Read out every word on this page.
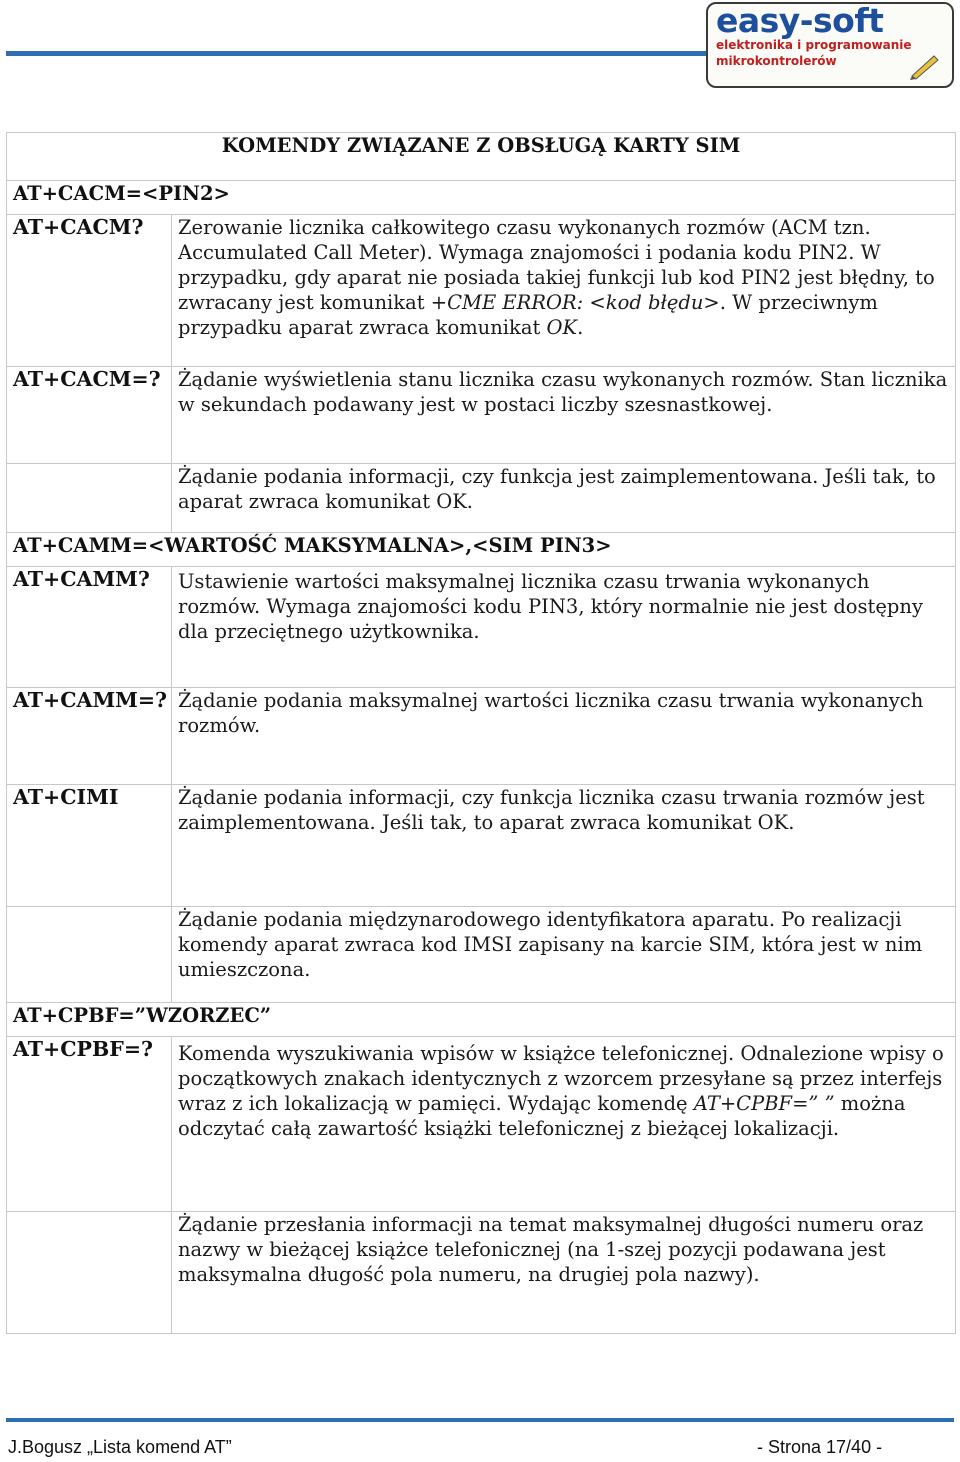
easy-soft
elektronika i programowanie
mikrokontrolerów
KOMENDY ZWIĄZANE Z OBSŁUGĄ KARTY SIM	
AT+CACM=<PIN2>	

AT+CACM?	Zerowanie licznika całkowitego czasu wykonanych rozmów (ACM tzn. Accumulated Call Meter). Wymaga znajomości i podania kodu PIN2. W przypadku, gdy aparat nie posiada takiej funkcji lub kod PIN2 jest błędny, to zwracany jest komunikat +CME ERROR: <kod błędu>. W przeciwnym przypadku aparat zwraca komunikat OK.

AT+CACM=?	Żądanie wyświetlenia stanu licznika czasu wykonanych rozmów. Stan licznika w sekundach podawany jest w postaci liczby szesnastkowej.

	Żądanie podania informacji, czy funkcja jest zaimplementowana. Jeśli tak, to aparat zwraca komunikat OK.

AT+CAMM=<WARTOŚĆ MAKSYMALNA>,<SIM PIN3>	

AT+CAMM?	Ustawienie wartości maksymalnej licznika czasu trwania wykonanych rozmów. Wymaga znajomości kodu PIN3, który normalnie nie jest dostępny dla przeciętnego użytkownika.

AT+CAMM=?	Żądanie podania maksymalnej wartości licznika czasu trwania wykonanych rozmów.

AT+CIMI	Żądanie podania informacji, czy funkcja licznika czasu trwania rozmów jest zaimplementowana. Jeśli tak, to aparat zwraca komunikat OK.

	Żądanie podania międzynarodowego identyfikatora aparatu. Po realizacji komendy aparat zwraca kod IMSI zapisany na karcie SIM, która jest w nim umieszczona.

AT+CPBF=”WZORZEC”	

AT+CPBF=?	Komenda wyszukiwania wpisów w książce telefonicznej. Odnalezione wpisy o początkowych znakach identycznych z wzorcem przesyłane są przez interfejs wraz z ich lokalizacją w pamięci. Wydając komendę AT+CPBF=” ” można odczytać całą zawartość książki telefonicznej z bieżącej lokalizacji.

	Żądanie przesłania informacji na temat maksymalnej długości numeru oraz nazwy w bieżącej książce telefonicznej (na 1-szej pozycji podawana jest maksymalna długość pola numeru, na drugiej pola nazwy).

J.Bogusz „Lista komend AT”	- Strona 17/40 -
